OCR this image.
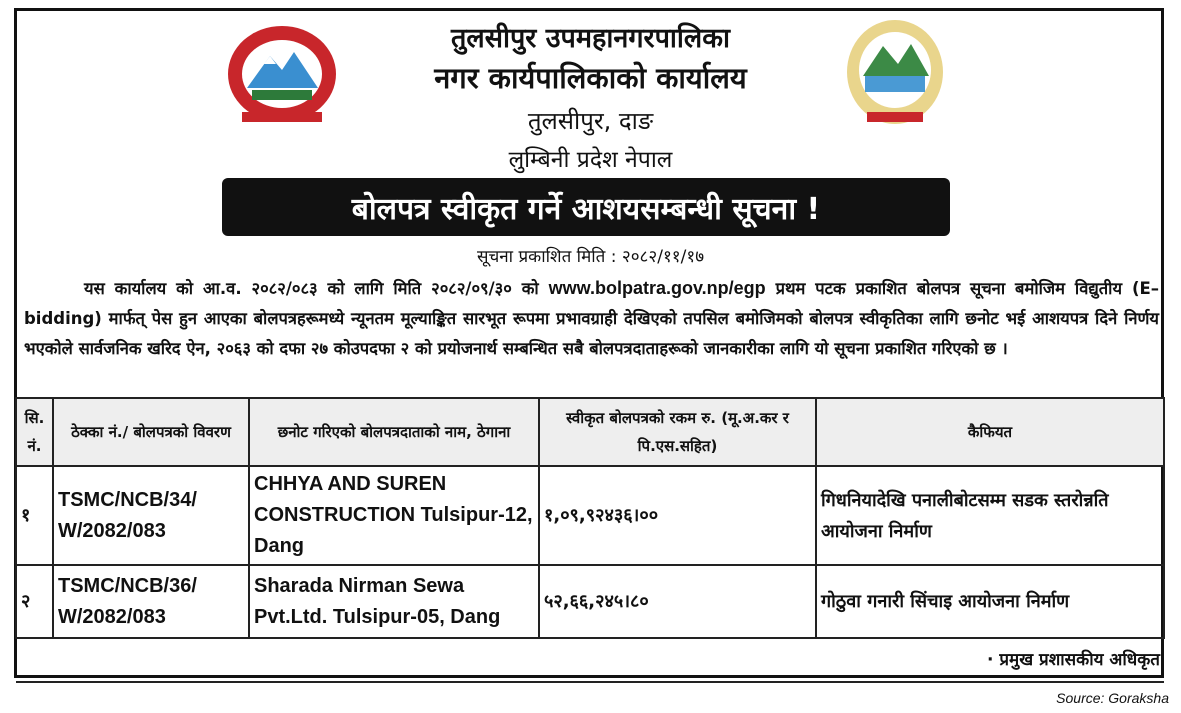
तुलसीपुर उपमहानगरपालिका
नगर कार्यपालिकाको कार्यालय
तुलसीपुर, दाङ
लुम्बिनी प्रदेश नेपाल
बोलपत्र स्वीकृत गर्ने आशयसम्बन्धी सूचना !
सूचना प्रकाशित मिति : २०८२/११/१७
यस कार्यालय को आ.व. २०८२/०८३ को लागि मिति २०८२/०९/३० को www.bolpatra.gov.np/egp प्रथम पटक प्रकाशित बोलपत्र सूचना बमोजिम विद्युतीय (E–bidding) मार्फत् पेस हुन आएका बोलपत्रहरूमध्ये न्यूनतम मूल्याङ्कित सारभूत रूपमा प्रभावग्राही देखिएको तपसिल बमोजिमको बोलपत्र स्वीकृतिका लागि छनोट भई आशयपत्र दिने निर्णय भएकोले सार्वजनिक खरिद ऐन, २०६३ को दफा २७ कोउपदफा २ को प्रयोजनार्थ सम्बन्धित सबै बोलपत्रदाताहरूको जानकारीका लागि यो सूचना प्रकाशित गरिएको छ ।
सि. नं.	ठेक्का नं./ बोलपत्रको विवरण	छनोट गरिएको बोलपत्रदाताको नाम, ठेगाना	स्वीकृत बोलपत्रको रकम रु. (मू.अ.कर र पि.एस.सहित)	कैफियत
१	TSMC/NCB/34/ W/2082/083	CHHYA AND SUREN CONSTRUCTION Tulsipur-12, Dang	१,०९,९२४३६।००	गिधनियादेखि पनालीबोटसम्म सडक स्तरोन्नति आयोजना निर्माण
२	TSMC/NCB/36/ W/2082/083	Sharada Nirman Sewa Pvt.Ltd. Tulsipur-05, Dang	५२,६६,२४५।८०	गोठुवा गनारी सिंचाइ आयोजना निर्माण
· प्रमुख प्रशासकीय अधिकृत				
Source: Goraksha
